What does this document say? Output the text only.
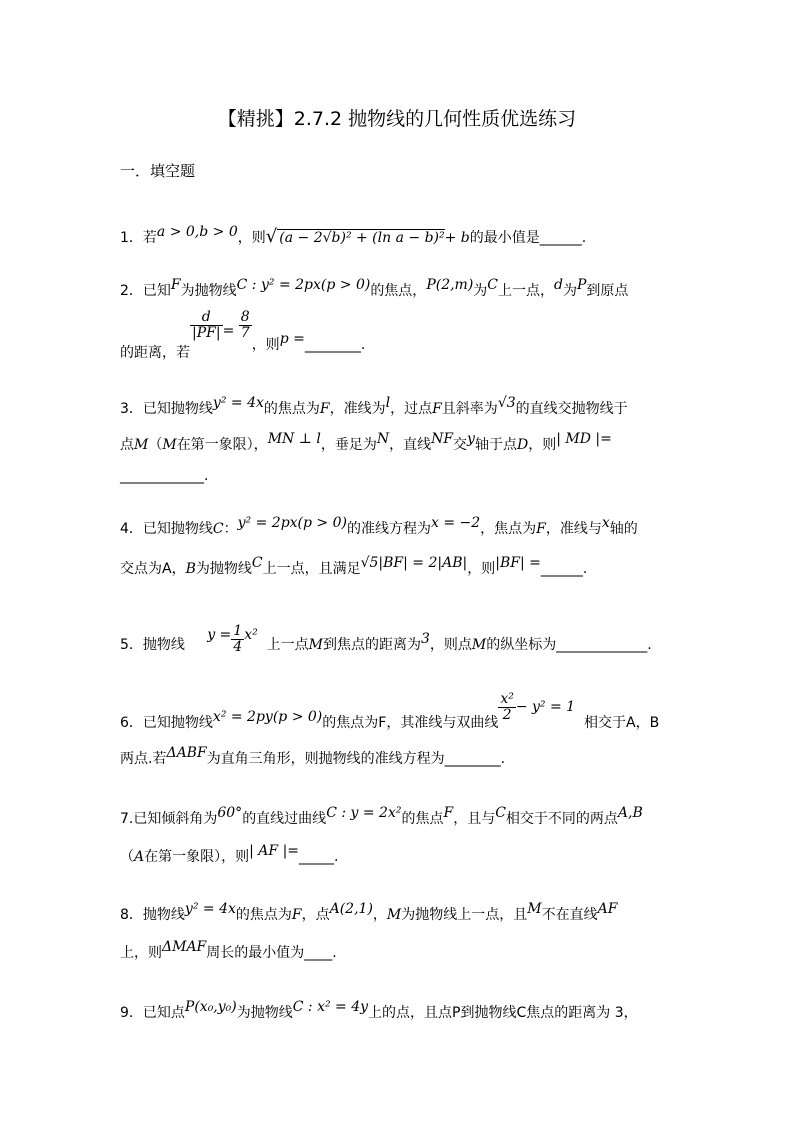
【精挑】2.7.2 抛物线的几何性质优选练习
一．填空题
1．若a > 0,b > 0，则√ (a − 2√b)² + (ln a − b)²+ b的最小值是______.
2．已知F为抛物线C : y² = 2px(p > 0)的焦点，P(2,m)为C上一点，d为P到原点
的距离，若
$\frac{d}{|PF|} = \frac{8}{7}$
，则p =________.
3．已知抛物线y² = 4x的焦点为F，准线为l，过点F且斜率为√3的直线交抛物线于
点M（M在第一象限），MN ⊥ l，垂足为N，直线NF交y轴于点D，则| MD |=
____________.
4．已知抛物线C：y² = 2px(p > 0)的准线方程为x = −2，焦点为F，准线与x轴的
交点为A，B为抛物线C上一点，且满足√5|BF| = 2|AB|，则|BF| =______.
5．抛物线     $y = \frac{1}{4} x^2$  上一点M到焦点的距离为3，则点M的纵坐标为_____________.
6．已知抛物线x² = 2py(p > 0)的焦点为F，其准线与双曲线
$\frac{\text{x²}}{2} - y^2 = 1$  相交于A，B
两点.若ΔABF为直角三角形，则抛物线的准线方程为________.
7.已知倾斜角为60°的直线过曲线C : y = 2x²的焦点F，且与C相交于不同的两点A,B
（A在第一象限），则| AF |=_____.
8．抛物线y² = 4x的焦点为F，点A(2,1)，M为抛物线上一点，且M不在直线AF
上，则ΔMAF周长的最小值为____.
9．已知点P(x₀,y₀)为抛物线C : x² = 4y上的点，且点P到抛物线C焦点的距离为 3，
